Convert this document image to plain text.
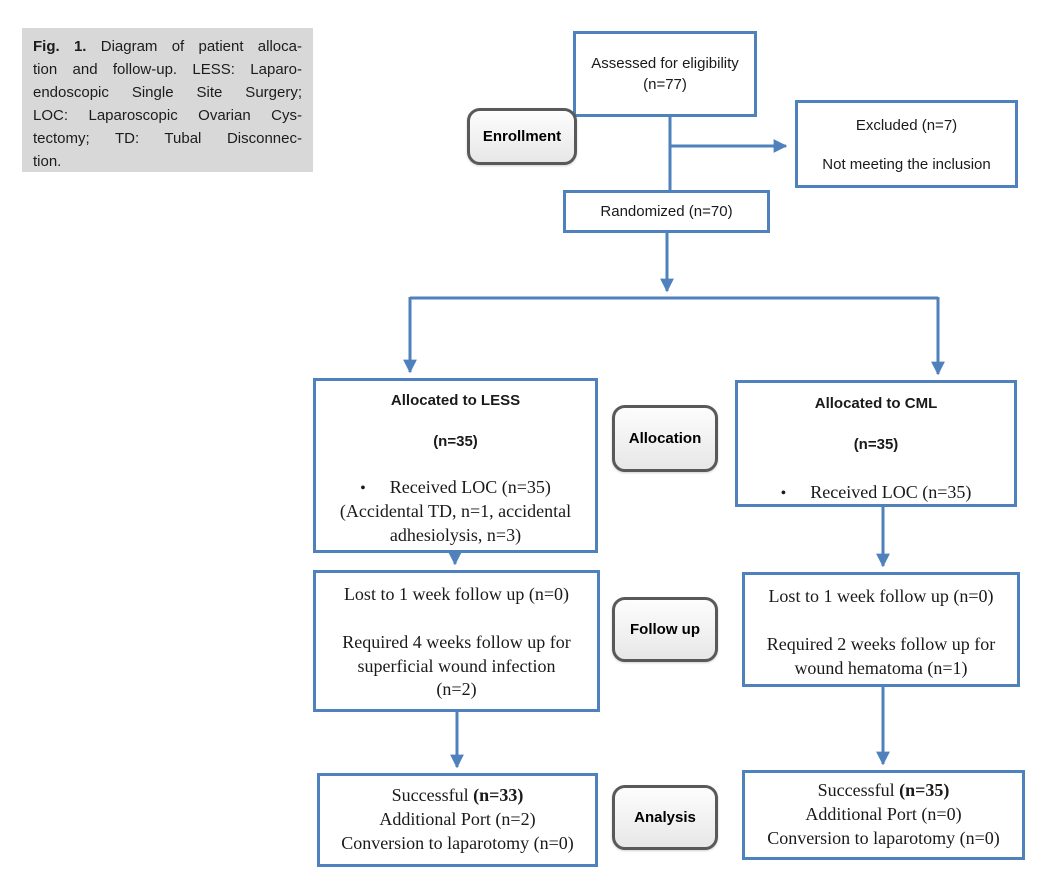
Fig. 1. Diagram of patient alloca-
tion and follow-up. LESS: Laparo-
endoscopic Single Site Surgery;
LOC: Laparoscopic Ovarian Cys-
tectomy; TD: Tubal Disconnec-
tion.
Assessed for eligibility
(n=77)
Enrollment
Excluded (n=7)
Not meeting the inclusion
Randomized (n=70)
Allocated to LESS
(n=35)
• Received LOC (n=35)
(Accidental TD, n=1, accidental
adhesiolysis, n=3)
Allocation
Allocated to CML
(n=35)
• Received LOC (n=35)
Lost to 1 week follow up (n=0)
Required 4 weeks follow up for
superficial wound infection
(n=2)
Follow up
Lost to 1 week follow up (n=0)
Required 2 weeks follow up for
wound hematoma (n=1)
Successful (n=33)
Additional Port (n=2)
Conversion to laparotomy (n=0)
Analysis
Successful (n=35)
Additional Port (n=0)
Conversion to laparotomy (n=0)
